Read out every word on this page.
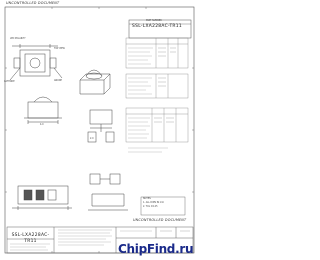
UNCONTROLLED DOCUMENT
PART NUMBER
SSL-LXA228AC-TR11
LED POLARITY
TOP VIEW
CATHODE	ANODE
4.0
2.0
NOTES:
1. ALL DIMS IN mm
2. TOL ±0.25
UNCONTROLLED DOCUMENT
SSL-LXA228AC-TR11
ChipFind.ru
